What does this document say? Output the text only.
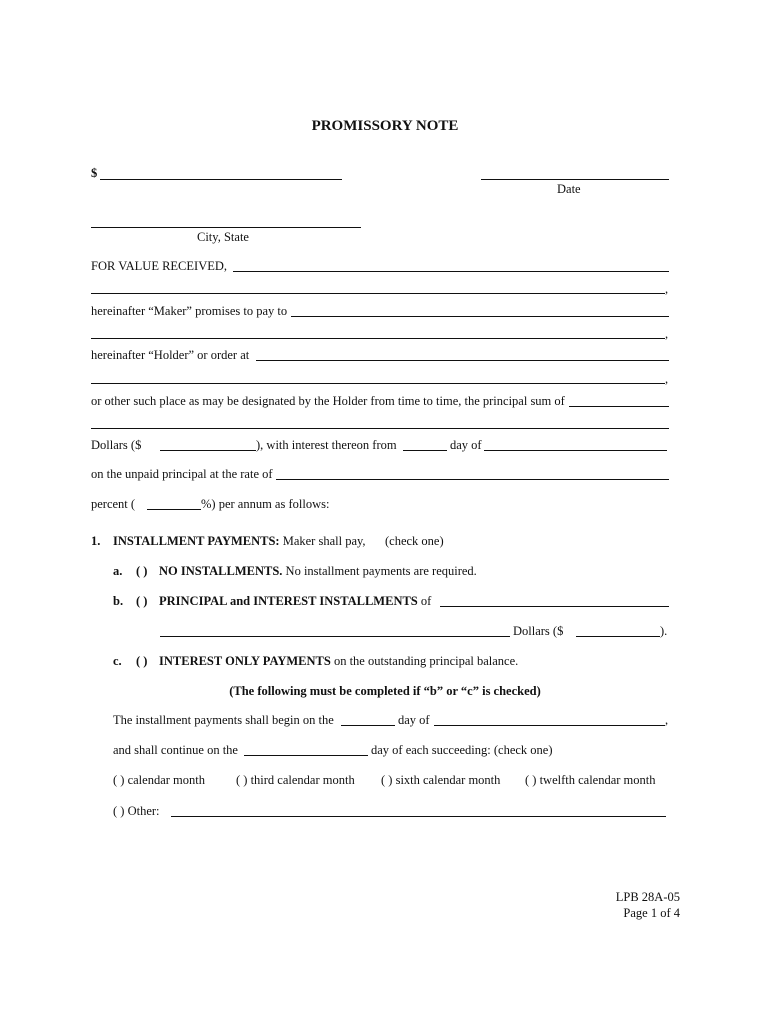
PROMISSORY NOTE
$
Date
City, State
FOR VALUE RECEIVED,
,
hereinafter “Maker” promises to pay to
,
hereinafter “Holder” or order at
,
or other such place as may be designated by the Holder from time to time, the principal sum of
Dollars ($	), with interest thereon from	day of
on the unpaid principal at the rate of
percent (	%) per annum as follows:
1. INSTALLMENT PAYMENTS: Maker shall pay, (check one)
a. ( ) NO INSTALLMENTS. No installment payments are required.
b. ( ) PRINCIPAL and INTEREST INSTALLMENTS of
Dollars ($	).
c. ( ) INTEREST ONLY PAYMENTS on the outstanding principal balance.
(The following must be completed if “b” or “c” is checked)
The installment payments shall begin on the	day of	,
and shall continue on the	day of each succeeding: (check one)
( ) calendar month ( ) third calendar month ( ) sixth calendar month ( ) twelfth calendar month
( ) Other:
LPB 28A-05
Page 1 of 4
